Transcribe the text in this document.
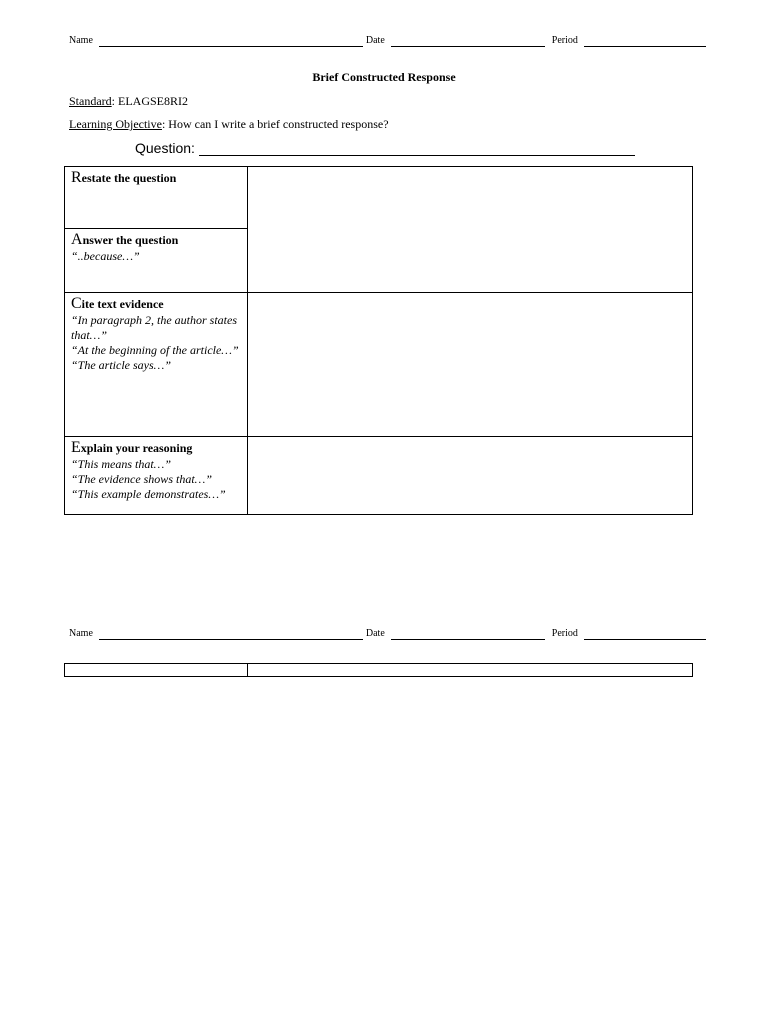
Name	Date	Period
Brief Constructed Response
Standard: ELAGSE8RI2
Learning Objective: How can I write a brief constructed response?
Question:
Restate the question	

Answer the question
“..because…”	

Cite text evidence
“In paragraph 2, the author states that…”
“At the beginning of the article…”
“The article says…”	

Explain your reasoning
“This means that…”
“The evidence shows that…”
“This example demonstrates…”	

Name	Date	Period
